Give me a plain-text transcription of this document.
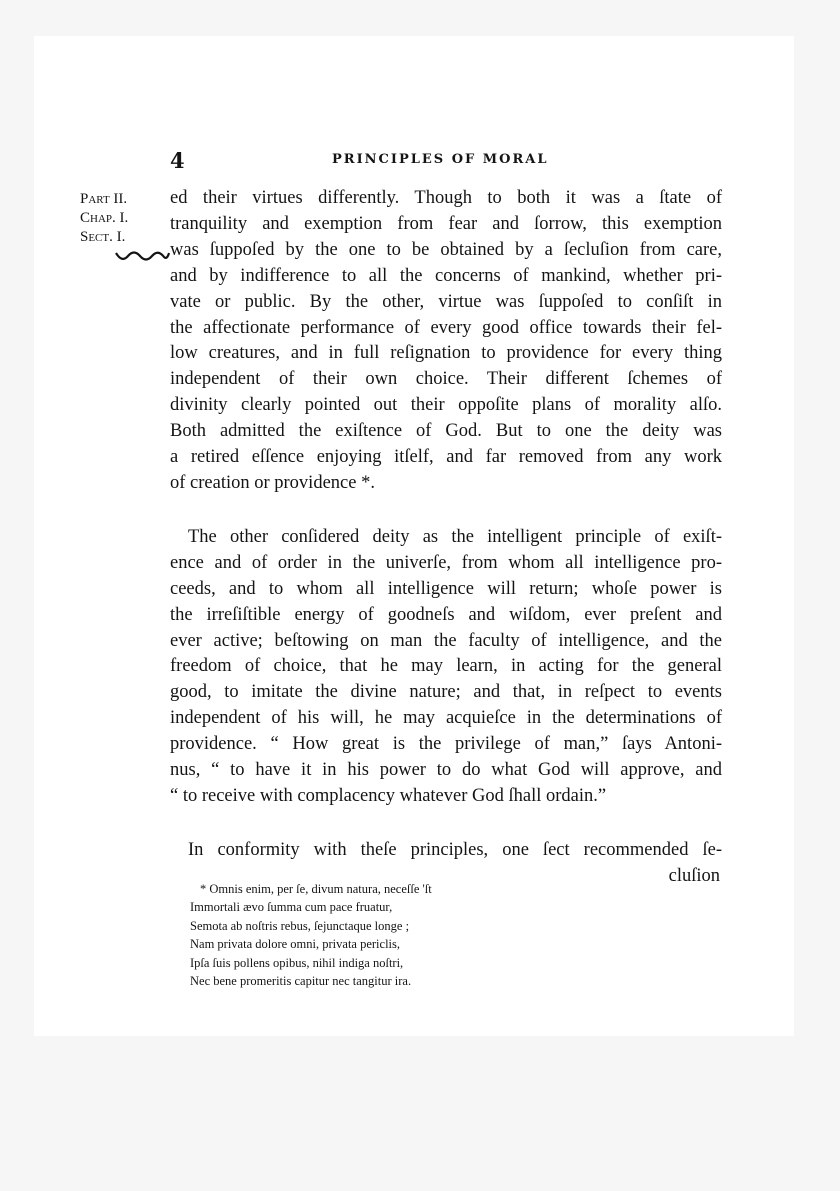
4	PRINCIPLES OF MORAL
Part II.
Chap. I.
Sect. I.
ed their virtues differently. Though to both it was a ſtate of
tranquility and exemption from fear and ſorrow, this exemption
was ſuppoſed by the one to be obtained by a ſecluſion from care,
and by indifference to all the concerns of mankind, whether pri-
vate or public. By the other, virtue was ſuppoſed to conſiſt in
the affectionate performance of every good office towards their fel-
low creatures, and in full reſignation to providence for every thing
independent of their own choice. Their different ſchemes of
divinity clearly pointed out their oppoſite plans of morality alſo.
Both admitted the exiſtence of God. But to one the deity was
a retired eſſence enjoying itſelf, and far removed from any work
of creation or providence *.
The other conſidered deity as the intelligent principle of exiſt-
ence and of order in the univerſe, from whom all intelligence pro-
ceeds, and to whom all intelligence will return; whoſe power is
the irreſiſtible energy of goodneſs and wiſdom, ever preſent and
ever active; beſtowing on man the faculty of intelligence, and the
freedom of choice, that he may learn, in acting for the general
good, to imitate the divine nature; and that, in reſpect to events
independent of his will, he may acquieſce in the determinations of
providence. “ How great is the privilege of man,” ſays Antoni-
nus, “ to have it in his power to do what God will approve, and
“ to receive with complacency whatever God ſhall ordain.”
In conformity with theſe principles, one ſect recommended ſe-
cluſion
* Omnis enim, per ſe, divum natura, neceſſe 'ſt
Immortali ævo ſumma cum pace fruatur,
Semota ab noſtris rebus, ſejunctaque longe ;
Nam privata dolore omni, privata periclis,
Ipſa ſuis pollens opibus, nihil indiga noſtri,
Nec bene promeritis capitur nec tangitur ira.
